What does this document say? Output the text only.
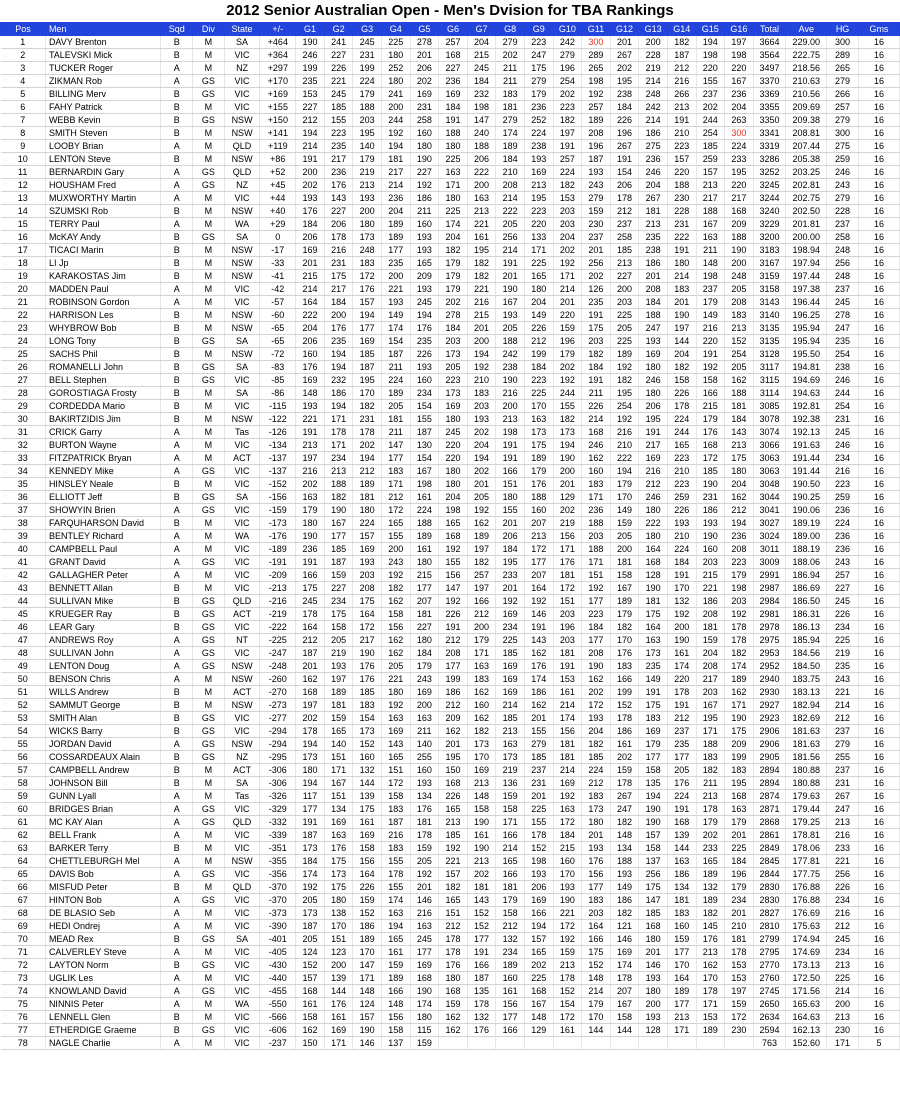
2012 Senior Australian Open - Men's Dvision for TBA Rankings
Pos	Men	Sqd	Div	State	+/-	G1	G2	G3	G4	G5	G6	G7	G8	G9	G10	G11	G12	G13	G14	G15	G16	Total	Ave	HG	Gms
1	DAVY Brenton	B	M	SA	+464	190	241	245	225	278	257	204	279	223	242	300	201	200	182	194	197	3664	229.00	300	16
2	TALEVSKI Mick	B	M	VIC	+364	246	227	231	180	201	168	215	202	247	279	289	267	228	187	198	198	3564	222.75	289	16
3	TUCKER Roger	A	M	NZ	+297	199	226	199	252	206	227	245	211	175	196	265	202	219	212	220	220	3497	218.56	265	16
4	ZIKMAN Rob	A	GS	VIC	+170	235	221	224	180	202	236	184	211	279	254	198	195	214	216	155	167	3370	210.63	279	16
5	BILLING Merv	B	GS	VIC	+169	153	245	179	241	169	169	232	183	179	202	192	238	248	266	237	236	3369	210.56	266	16
6	FAHY Patrick	B	M	VIC	+155	227	185	188	200	231	184	198	181	236	223	257	184	242	213	202	204	3355	209.69	257	16
7	WEBB Kevin	B	GS	NSW	+150	212	155	203	244	258	191	147	279	252	182	189	226	214	191	244	263	3350	209.38	279	16
8	SMITH Steven	B	M	NSW	+141	194	223	195	192	160	188	240	174	224	197	208	196	186	210	254	300	3341	208.81	300	16
9	LOOBY Brian	A	M	QLD	+119	214	235	140	194	180	180	188	189	238	191	196	267	275	223	185	224	3319	207.44	275	16
10	LENTON Steve	B	M	NSW	+86	191	217	179	181	190	225	206	184	193	257	187	191	236	157	259	233	3286	205.38	259	16
11	BERNARDIN Gary	A	GS	QLD	+52	200	236	219	217	227	163	222	210	169	224	193	154	246	220	157	195	3252	203.25	246	16
12	HOUSHAM Fred	A	GS	NZ	+45	202	176	213	214	192	171	200	208	213	182	243	206	204	188	213	220	3245	202.81	243	16
13	MUXWORTHY Martin	A	M	VIC	+44	193	143	193	236	186	180	163	214	195	153	279	178	267	230	217	217	3244	202.75	279	16
14	SZUMSKI Rob	B	M	NSW	+40	176	227	200	204	211	225	213	222	223	203	159	212	181	228	188	168	3240	202.50	228	16
15	TERRY Paul	A	M	WA	+29	184	206	180	189	160	174	221	205	220	203	230	237	213	231	167	209	3229	201.81	237	16
16	McKAY Andy	B	GS	SA	0	206	178	173	189	193	204	161	256	133	204	237	258	235	222	163	188	3200	200.00	258	16
17	TICACI Marin	B	M	NSW	-17	169	216	248	177	193	182	195	214	171	202	201	185	238	191	211	190	3183	198.94	248	16
18	LI Jp	B	M	NSW	-33	201	231	183	235	165	179	182	191	225	192	256	213	186	180	148	200	3167	197.94	256	16
19	KARAKOSTAS Jim	B	M	NSW	-41	215	175	172	200	209	179	182	201	165	171	202	227	201	214	198	248	3159	197.44	248	16
20	MADDEN Paul	A	M	VIC	-42	214	217	176	221	193	179	221	190	180	214	126	200	208	183	237	205	3158	197.38	237	16
21	ROBINSON Gordon	A	M	VIC	-57	164	184	157	193	245	202	216	167	204	201	235	203	184	201	179	208	3143	196.44	245	16
22	HARRISON Les	B	M	NSW	-60	222	200	194	149	194	278	215	193	149	220	191	225	188	190	149	183	3140	196.25	278	16
23	WHYBROW Bob	B	M	NSW	-65	204	176	177	174	176	184	201	205	226	159	175	205	247	197	216	213	3135	195.94	247	16
24	LONG Tony	B	GS	SA	-65	206	235	169	154	235	203	200	188	212	196	203	225	193	144	220	152	3135	195.94	235	16
25	SACHS Phil	B	M	NSW	-72	160	194	185	187	226	173	194	242	199	179	182	189	169	204	191	254	3128	195.50	254	16
26	ROMANELLI John	B	GS	SA	-83	176	194	187	211	193	205	192	238	184	202	184	192	180	182	192	205	3117	194.81	238	16
27	BELL Stephen	B	GS	VIC	-85	169	232	195	224	160	223	210	190	223	192	191	182	246	158	158	162	3115	194.69	246	16
28	GOROSTIAGA Frosty	B	M	SA	-86	148	186	170	189	234	173	183	216	225	244	211	195	180	226	166	188	3114	194.63	244	16
29	CORDEDDA Mario	B	M	VIC	-115	193	194	182	205	154	169	203	200	170	155	226	254	206	178	215	181	3085	192.81	254	16
30	BAKIRTZIDIS Jim	B	M	NSW	-122	221	171	231	181	155	180	193	213	163	182	214	192	195	224	179	184	3078	192.38	231	16
31	CRICK Garry	A	M	Tas	-126	191	178	178	211	187	245	202	198	173	173	168	216	191	244	176	143	3074	192.13	245	16
32	BURTON Wayne	A	M	VIC	-134	213	171	202	147	130	220	204	191	175	194	246	210	217	165	168	213	3066	191.63	246	16
33	FITZPATRICK Bryan	A	M	ACT	-137	197	234	194	177	154	220	194	191	189	190	162	222	169	223	172	175	3063	191.44	234	16
34	KENNEDY Mike	A	GS	VIC	-137	216	213	212	183	167	180	202	166	179	200	160	194	216	210	185	180	3063	191.44	216	16
35	HINSLEY Neale	B	M	VIC	-152	202	188	189	171	198	180	201	151	176	201	183	179	212	223	190	204	3048	190.50	223	16
36	ELLIOTT Jeff	B	GS	SA	-156	163	182	181	212	161	204	205	180	188	129	171	170	246	259	231	162	3044	190.25	259	16
37	SHOWYIN Brien	A	GS	VIC	-159	179	190	180	172	224	198	192	155	160	202	236	149	180	226	186	212	3041	190.06	236	16
38	FARQUHARSON David	B	M	VIC	-173	180	167	224	165	188	165	162	201	207	219	188	159	222	193	193	194	3027	189.19	224	16
39	BENTLEY Richard	A	M	WA	-176	190	177	157	155	189	168	189	206	213	156	203	205	180	210	190	236	3024	189.00	236	16
40	CAMPBELL Paul	A	M	VIC	-189	236	185	169	200	161	192	197	184	172	171	188	200	164	224	160	208	3011	188.19	236	16
41	GRANT David	A	GS	VIC	-191	191	187	193	243	180	155	182	195	177	176	171	181	168	184	203	223	3009	188.06	243	16
42	GALLAGHER Peter	A	M	VIC	-209	166	159	203	192	215	156	257	233	207	181	151	158	128	191	215	179	2991	186.94	257	16
43	BENNETT Allan	B	M	VIC	-213	175	227	208	182	177	147	197	201	164	172	192	167	190	170	221	198	2987	186.69	227	16
44	SULLIVAN Mike	B	GS	QLD	-216	245	234	175	162	207	192	166	192	192	151	177	189	181	132	186	203	2984	186.50	245	16
45	KRUEGER Ray	B	GS	ACT	-219	178	175	164	158	181	226	212	169	146	203	223	179	175	192	208	192	2981	186.31	226	16
46	LEAR Gary	B	GS	VIC	-222	164	158	172	156	227	191	200	234	191	196	184	182	164	200	181	178	2978	186.13	234	16
47	ANDREWS Roy	A	GS	NT	-225	212	205	217	162	180	212	179	225	143	203	177	170	163	190	159	178	2975	185.94	225	16
48	SULLIVAN John	A	GS	VIC	-247	187	219	190	162	184	208	171	185	162	181	208	176	173	161	204	182	2953	184.56	219	16
49	LENTON Doug	A	GS	NSW	-248	201	193	176	205	179	177	163	169	176	191	190	183	235	174	208	174	2952	184.50	235	16
50	BENSON Chris	A	M	NSW	-260	162	197	176	221	243	199	183	169	174	153	162	166	149	220	217	189	2940	183.75	243	16
51	WILLS Andrew	B	M	ACT	-270	168	189	185	180	169	186	162	169	186	161	202	199	191	178	203	162	2930	183.13	221	16
52	SAMMUT George	B	M	NSW	-273	197	181	183	192	200	212	160	214	162	214	172	152	175	191	167	171	2927	182.94	214	16
53	SMITH Alan	B	GS	VIC	-277	202	159	154	163	163	209	162	185	201	174	193	178	183	212	195	190	2923	182.69	212	16
54	WICKS Barry	B	GS	VIC	-294	178	165	173	169	211	162	182	213	155	156	204	186	169	237	171	175	2906	181.63	237	16
55	JORDAN David	A	GS	NSW	-294	194	140	152	143	140	201	173	163	279	181	182	161	179	235	188	209	2906	181.63	279	16
56	COSSARDEAUX Alain	B	GS	NZ	-295	173	151	160	165	255	195	170	173	185	181	185	202	177	177	183	199	2905	181.56	255	16
57	CAMPBELL Andrew	B	M	ACT	-306	180	171	132	151	160	150	169	219	237	214	224	159	158	205	182	183	2894	180.88	237	16
58	JOHNSON Bill	B	M	SA	-306	194	167	144	172	193	168	213	136	231	169	212	178	135	176	211	195	2894	180.88	231	16
59	GUNN Lyall	A	M	Tas	-326	117	151	139	158	134	226	148	159	201	192	183	267	194	224	213	168	2874	179.63	267	16
60	BRIDGES Brian	A	GS	VIC	-329	177	134	175	183	176	165	158	158	225	163	173	247	190	191	178	163	2871	179.44	247	16
61	MC KAY Alan	A	GS	QLD	-332	191	169	161	187	181	213	190	171	155	172	180	182	190	168	179	179	2868	179.25	213	16
62	BELL Frank	A	M	VIC	-339	187	163	169	216	178	185	161	166	178	184	201	148	157	139	202	201	2861	178.81	216	16
63	BARKER Terry	B	M	VIC	-351	173	176	158	183	159	192	190	214	152	215	193	134	158	144	233	225	2849	178.06	233	16
64	CHETTLEBURGH Mel	A	M	NSW	-355	184	175	156	155	205	221	213	165	198	160	176	188	137	163	165	184	2845	177.81	221	16
65	DAVIS Bob	A	GS	VIC	-356	174	173	164	178	192	157	202	166	193	170	156	193	256	186	189	196	2844	177.75	256	16
66	MISFUD Peter	B	M	QLD	-370	192	175	226	155	201	182	181	181	206	193	177	149	175	134	132	179	2830	176.88	226	16
67	HINTON Bob	A	GS	VIC	-370	205	180	159	174	146	165	143	179	169	190	183	186	147	181	189	234	2830	176.88	234	16
68	DE BLASIO Seb	A	M	VIC	-373	173	138	152	163	216	151	152	158	166	221	203	182	185	183	182	201	2827	176.69	216	16
69	HEDI Ondrej	A	M	VIC	-390	187	170	186	194	163	212	152	212	194	172	164	121	168	160	145	210	2810	175.63	212	16
70	MEAD Rex	B	GS	SA	-401	205	151	189	165	245	178	177	132	157	192	166	146	180	159	176	181	2799	174.94	245	16
71	CALVERLEY Steve	A	M	VIC	-405	124	123	170	161	177	178	191	234	165	159	175	169	201	177	213	178	2795	174.69	234	16
72	LAYTON Norm	B	GS	VIC	-430	152	200	147	159	169	176	166	189	202	213	152	174	146	170	162	153	2770	173.13	213	16
73	UGLIK Les	A	M	VIC	-440	157	139	171	189	168	180	187	160	225	178	148	178	193	164	170	153	2760	172.50	225	16
74	KNOWLAND David	A	GS	VIC	-455	168	144	148	166	190	168	135	161	168	152	214	207	180	189	178	197	2745	171.56	214	16
75	NINNIS Peter	A	M	WA	-550	161	176	124	148	174	159	178	156	167	154	179	167	200	177	171	159	2650	165.63	200	16
76	LENNELL Glen	B	M	VIC	-566	158	161	157	156	180	162	132	177	148	172	170	158	193	213	153	172	2634	164.63	213	16
77	ETHERDIGE Graeme	B	GS	VIC	-606	162	169	190	158	115	162	176	166	129	161	144	144	128	171	189	230	2594	162.13	230	16
78	NAGLE Charlie	A	M	VIC	-237	150	171	146	137	159												763	152.60	171	5
